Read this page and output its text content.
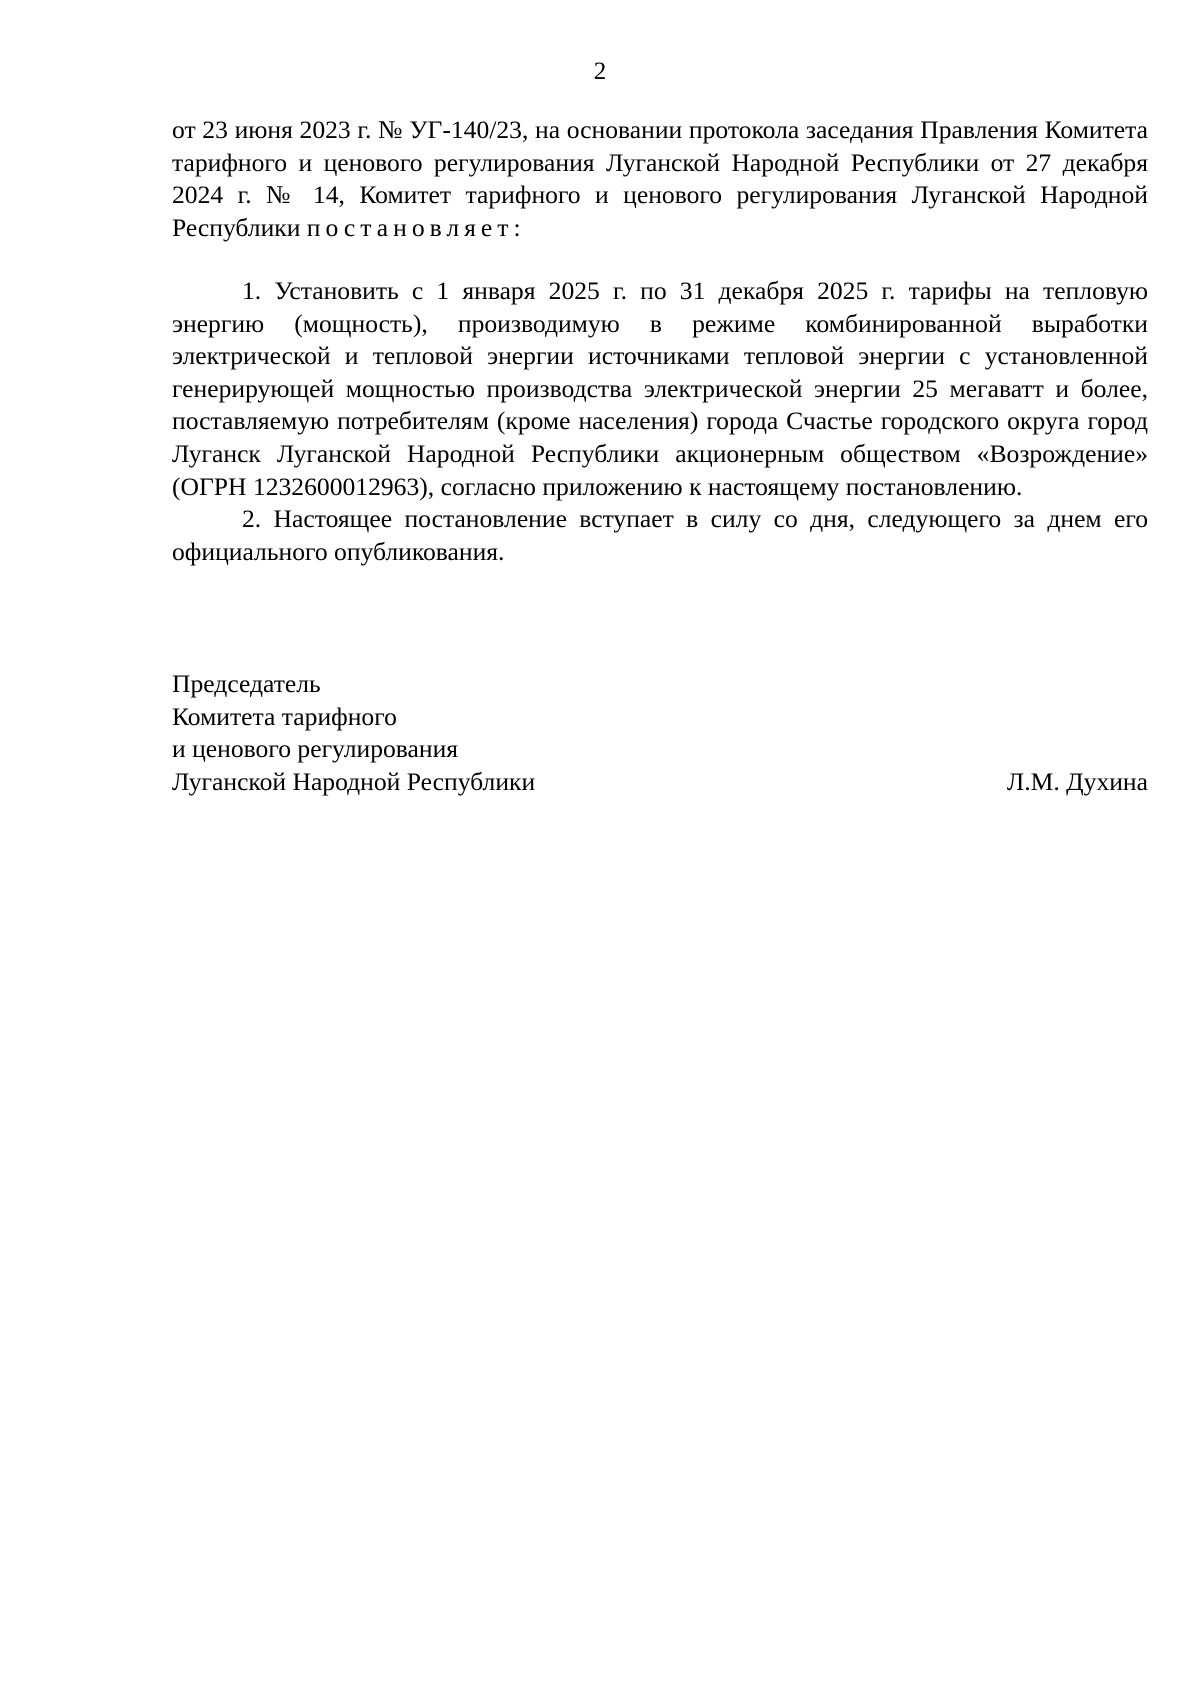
2

от 23 июня 2023 г. № УГ-140/23, на основании протокола заседания Правления Комитета тарифного и ценового регулирования Луганской Народной Республики от 27 декабря 2024 г. № 14, Комитет тарифного и ценового регулирования Луганской Народной Республики постановляет:

1. Установить с 1 января 2025 г. по 31 декабря 2025 г. тарифы на тепловую энергию (мощность), производимую в режиме комбинированной выработки электрической и тепловой энергии источниками тепловой энергии с установленной генерирующей мощностью производства электрической энергии 25 мегаватт и более, поставляемую потребителям (кроме населения) города Счастье городского округа город Луганск Луганской Народной Республики акционерным обществом «Возрождение» (ОГРН 1232600012963), согласно приложению к настоящему постановлению.

2. Настоящее постановление вступает в силу со дня, следующего за днем его официального опубликования.

Председатель
Комитета тарифного
и ценового регулирования
Луганской Народной Республики	Л.М. Духина
